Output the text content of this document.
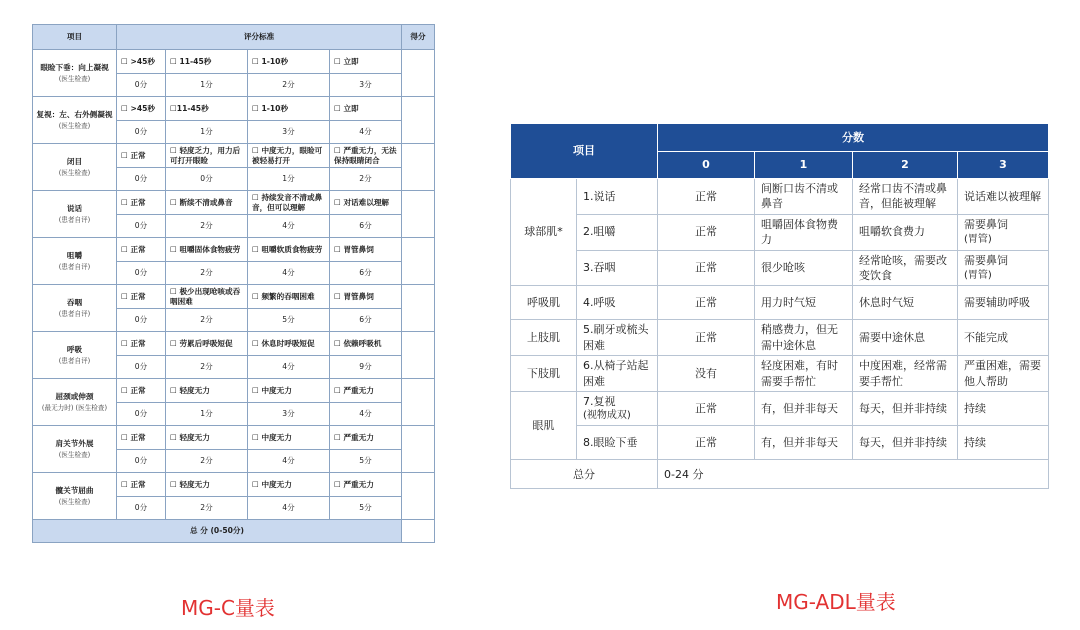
项目	评分标准				得分
眼睑下垂：向上凝视
(医生检查)	☐ >45秒	☐ 11-45秒	☐ 1-10秒	☐ 立即	
	0分	1分	2分	3分	
复视：左、右外侧凝视
(医生检查)	☐ >45秒	☐11-45秒	☐ 1-10秒	☐ 立即	
	0分	1分	3分	4分	
闭目
(医生检查)	☐ 正常	☐ 轻度乏力，用力后可打开眼睑	☐ 中度无力，眼睑可被轻易打开	☐ 严重无力，无法保持眼睛闭合	
	0分	0分	1分	2分	
说话
(患者自评)	☐ 正常	☐ 断续不清或鼻音	☐ 持续发音不清或鼻音，但可以理解	☐ 对话难以理解	
	0分	2分	4分	6分	
咀嚼
(患者自评)	☐ 正常	☐ 咀嚼固体食物疲劳	☐ 咀嚼软质食物疲劳	☐ 胃管鼻饲	
	0分	2分	4分	6分	
吞咽
(患者自评)	☐ 正常	☐ 极少出现呛咳或吞咽困难	☐ 频繁的吞咽困难	☐ 胃管鼻饲	
	0分	2分	5分	6分	
呼吸
(患者自评)	☐ 正常	☐ 劳累后呼吸短促	☐ 休息时呼吸短促	☐ 依赖呼吸机	
	0分	2分	4分	9分	
屈颈或伸颈
(最无力时) (医生检查)	☐ 正常	☐ 轻度无力	☐ 中度无力	☐ 严重无力	
	0分	1分	3分	4分	
肩关节外展
(医生检查)	☐ 正常	☐ 轻度无力	☐ 中度无力	☐ 严重无力	
	0分	2分	4分	5分	
髋关节屈曲
(医生检查)	☐ 正常	☐ 轻度无力	☐ 中度无力	☐ 严重无力	
	0分	2分	4分	5分	
总 分 (0-50分)					
项目		分数			
		0	1	2	3
球部肌*	1.说话	正常	间断口齿不清或鼻音	经常口齿不清或鼻音，但能被理解	说话难以被理解
	2.咀嚼	正常	咀嚼固体食物费力	咀嚼软食费力	需要鼻饲
(胃管)

	3.吞咽	正常	很少呛咳	经常呛咳，需要改变饮食	需要鼻饲
(胃管)

呼吸肌	4.呼吸	正常	用力时气短	休息时气短	需要辅助呼吸
上肢肌	5.刷牙或梳头困难	正常	稍感费力，但无需中途休息	需要中途休息	不能完成
下肢肌	6.从椅子站起困难	没有	轻度困难，有时需要手帮忙	中度困难，经常需要手帮忙	严重困难，需要他人帮助
眼肌	7.复视
(视物成双)	正常	有，但并非每天	每天，但并非持续	持续
	8.眼睑下垂	正常	有，但并非每天	每天，但并非持续	持续
总分		0-24 分			
MG-C量表	MG-ADL量表
